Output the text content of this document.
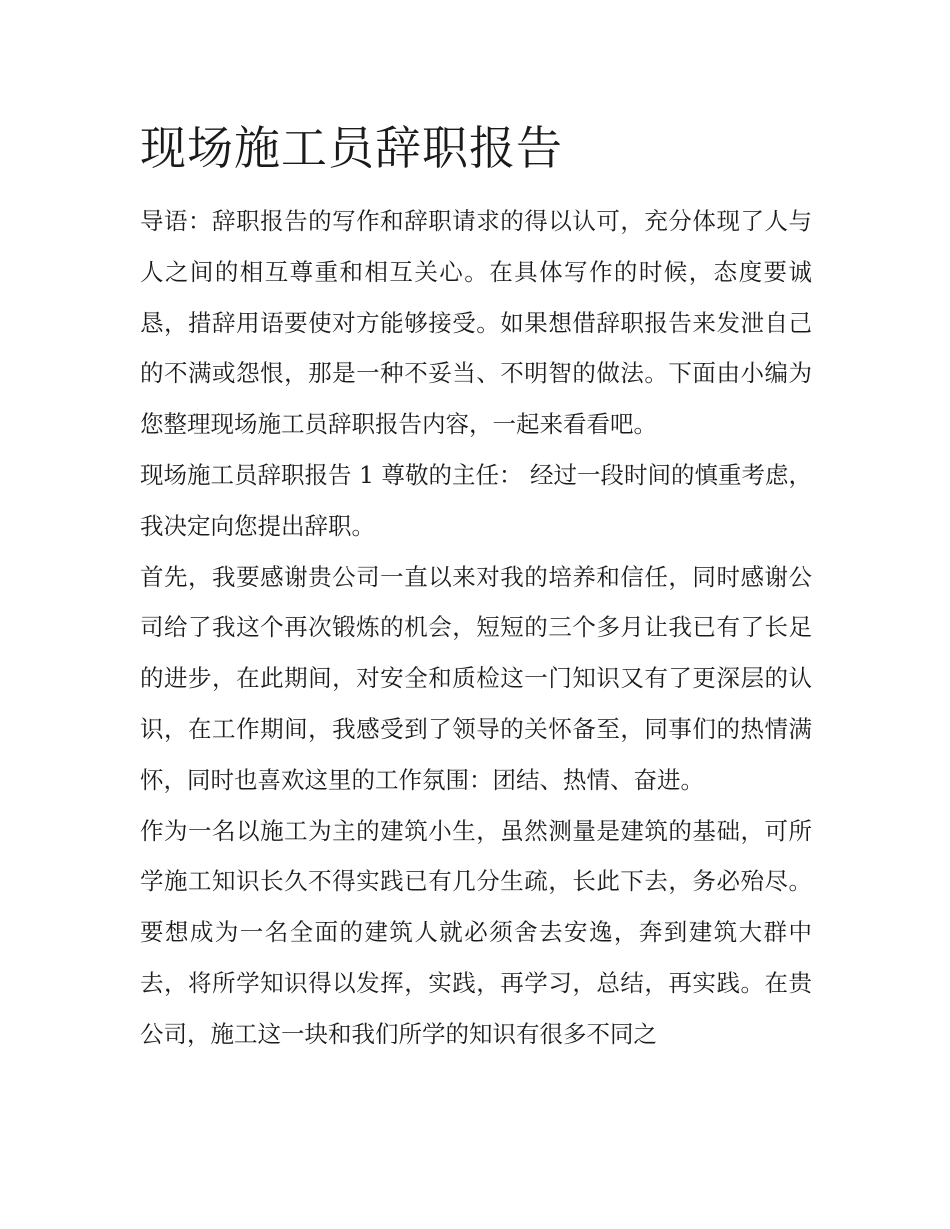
现场施工员辞职报告

导语：辞职报告的写作和辞职请求的得以认可，充分体现了人与人之间的相互尊重和相互关心。在具体写作的时候，态度要诚恳，措辞用语要使对方能够接受。如果想借辞职报告来发泄自己的不满或怨恨，那是一种不妥当、不明智的做法。下面由小编为您整理现场施工员辞职报告内容，一起来看看吧。

现场施工员辞职报告 1 尊敬的主任： 经过一段时间的慎重考虑，我决定向您提出辞职。

首先，我要感谢贵公司一直以来对我的培养和信任，同时感谢公司给了我这个再次锻炼的机会，短短的三个多月让我已有了长足的进步，在此期间，对安全和质检这一门知识又有了更深层的认识，在工作期间，我感受到了领导的关怀备至，同事们的热情满怀，同时也喜欢这里的工作氛围：团结、热情、奋进。

作为一名以施工为主的建筑小生，虽然测量是建筑的基础，可所学施工知识长久不得实践已有几分生疏，长此下去，务必殆尽。要想成为一名全面的建筑人就必须舍去安逸，奔到建筑大群中去，将所学知识得以发挥，实践，再学习，总结，再实践。在贵公司，施工这一块和我们所学的知识有很多不同之
